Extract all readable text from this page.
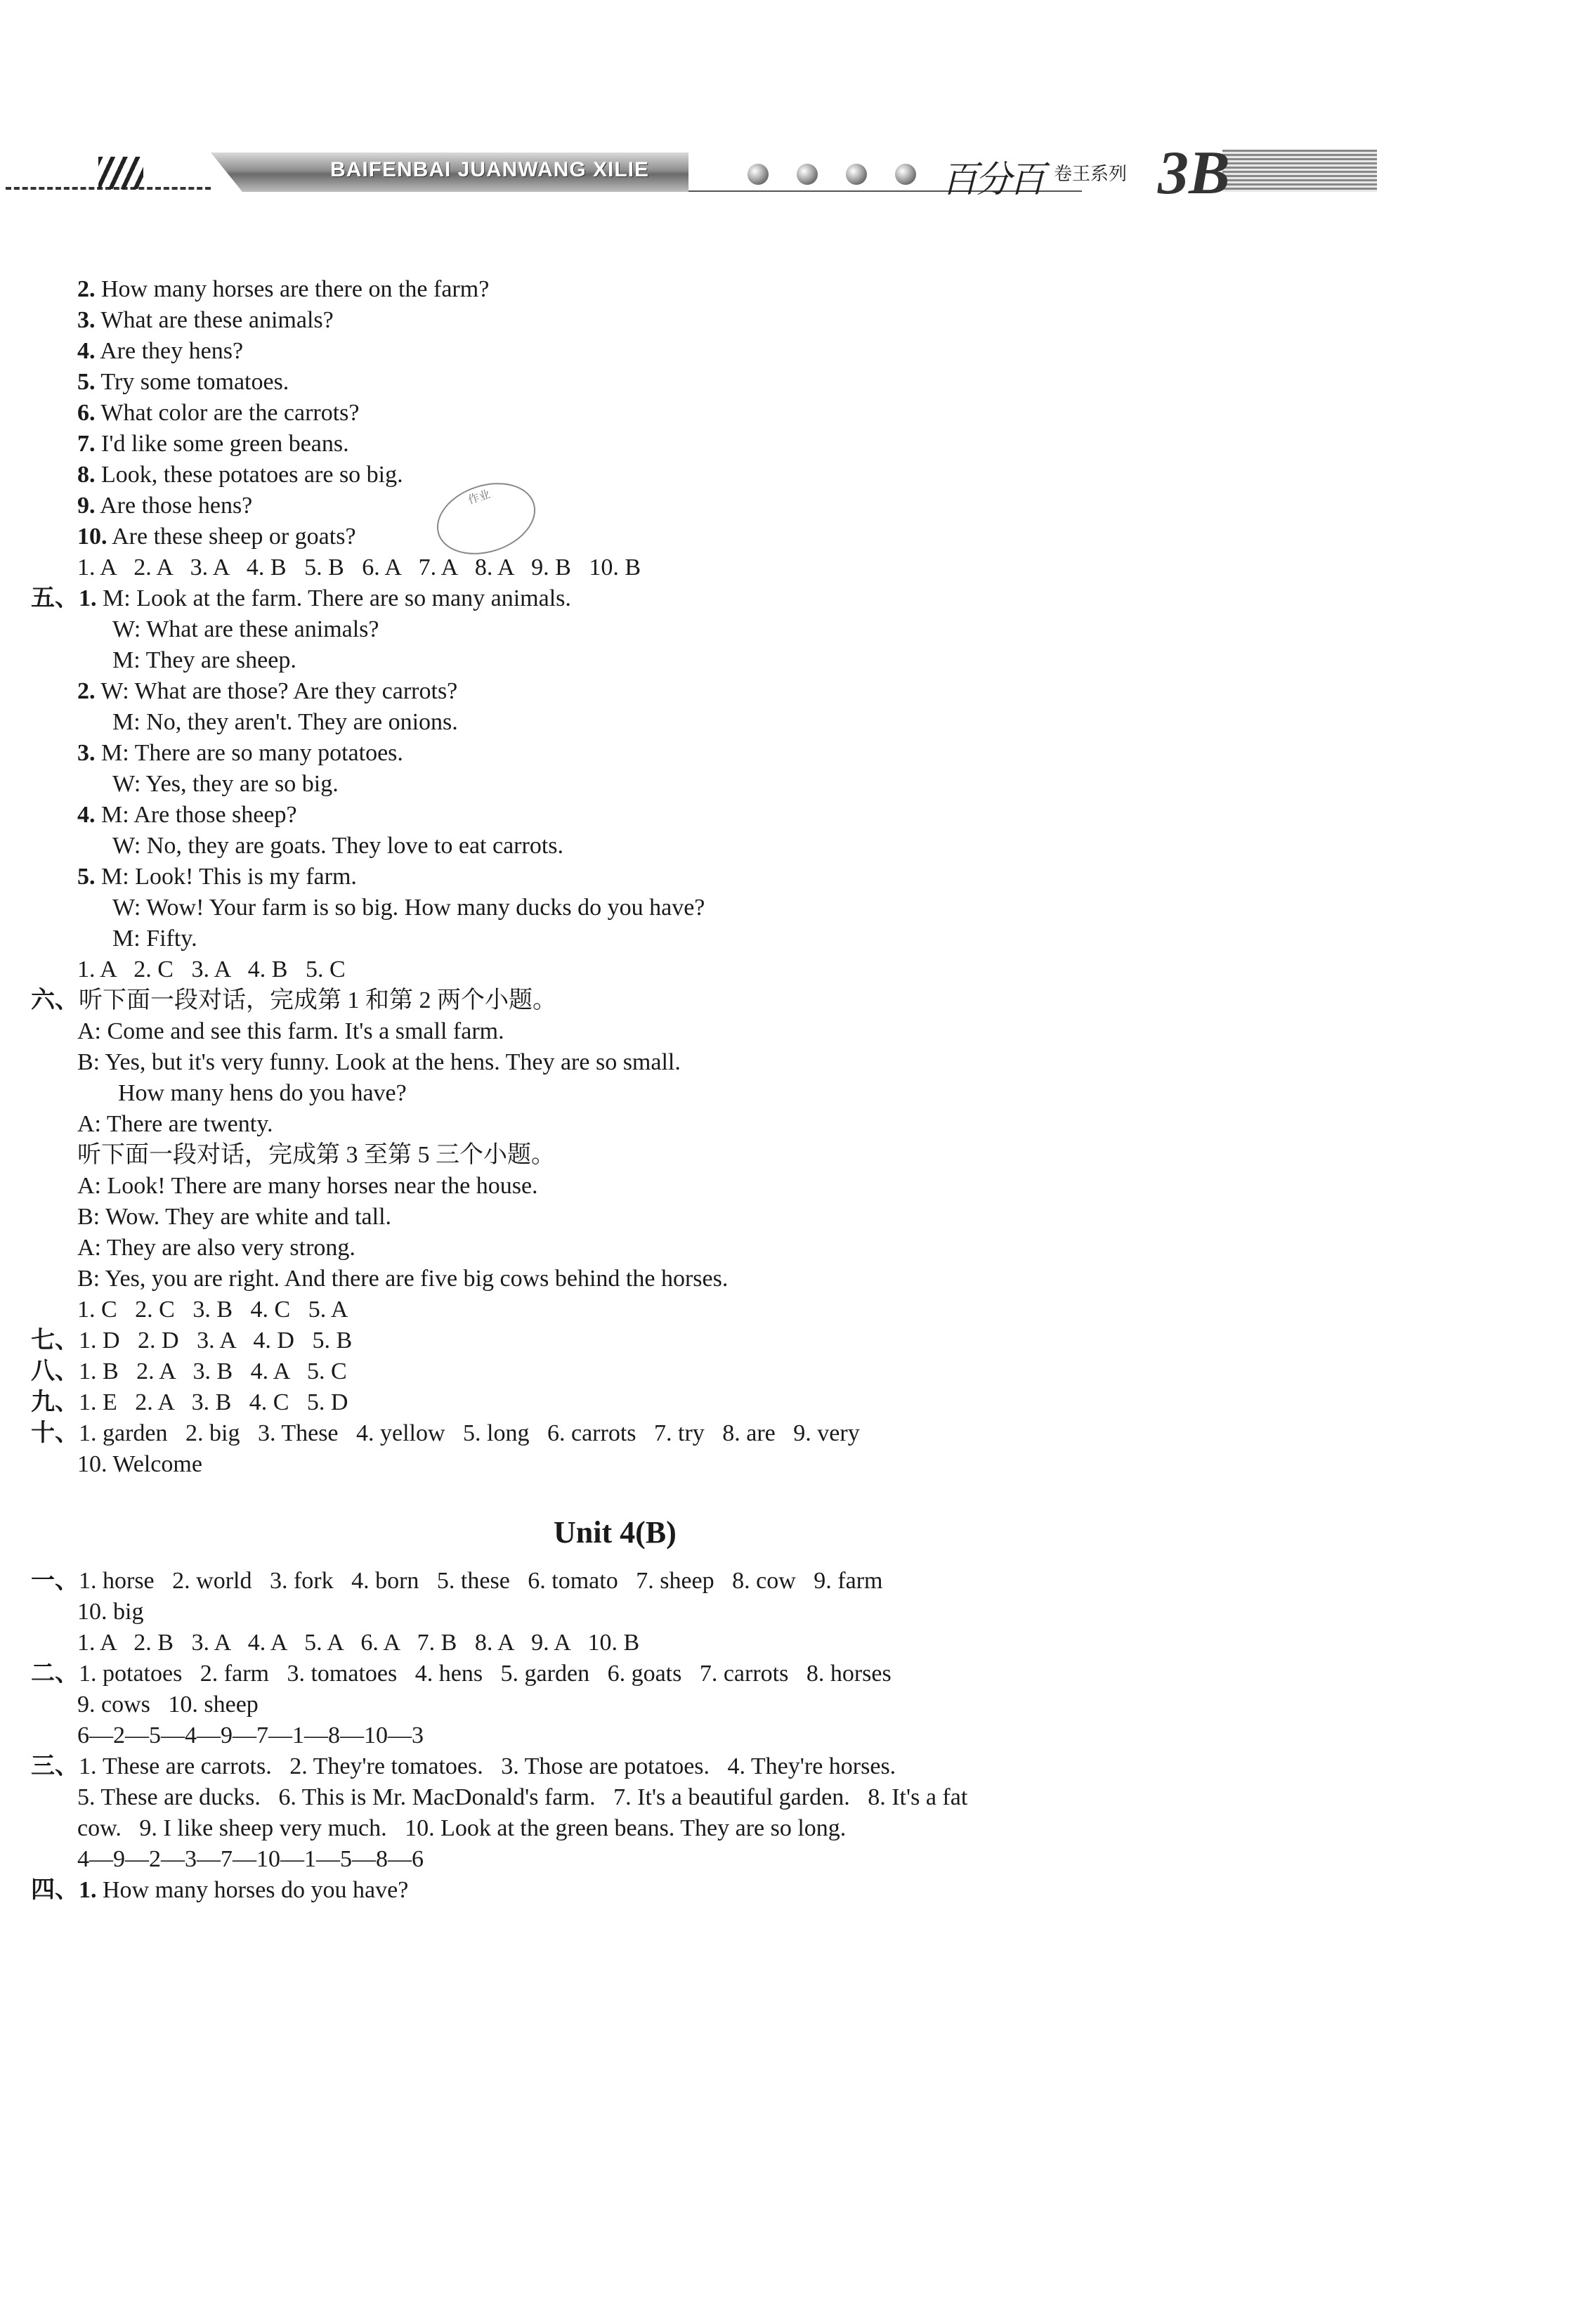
BAIFENBAI JUANWANG XILIE	百分百 卷王系列 3B
作业
2. How many horses are there on the farm?
3. What are these animals?
4. Are they hens?
5. Try some tomatoes.
6. What color are the carrots?
7. I'd like some green beans.
8. Look, these potatoes are so big.
9. Are those hens?
10. Are these sheep or goats?
1. A   2. A   3. A   4. B   5. B   6. A   7. A   8. A   9. B   10. B
五、1. M: Look at the farm. There are so many animals.
W: What are these animals?
M: They are sheep.
2. W: What are those? Are they carrots?
M: No, they aren't. They are onions.
3. M: There are so many potatoes.
W: Yes, they are so big.
4. M: Are those sheep?
W: No, they are goats. They love to eat carrots.
5. M: Look! This is my farm.
W: Wow! Your farm is so big. How many ducks do you have?
M: Fifty.
1. A   2. C   3. A   4. B   5. C
六、听下面一段对话，完成第 1 和第 2 两个小题。
A: Come and see this farm. It's a small farm.
B: Yes, but it's very funny. Look at the hens. They are so small.
How many hens do you have?
A: There are twenty.
听下面一段对话，完成第 3 至第 5 三个小题。
A: Look! There are many horses near the house.
B: Wow. They are white and tall.
A: They are also very strong.
B: Yes, you are right. And there are five big cows behind the horses.
1. C   2. C   3. B   4. C   5. A
七、1. D   2. D   3. A   4. D   5. B
八、1. B   2. A   3. B   4. A   5. C
九、1. E   2. A   3. B   4. C   5. D
十、1. garden   2. big   3. These   4. yellow   5. long   6. carrots   7. try   8. are   9. very
10. Welcome
一、1. horse   2. world   3. fork   4. born   5. these   6. tomato   7. sheep   8. cow   9. farm
10. big
1. A   2. B   3. A   4. A   5. A   6. A   7. B   8. A   9. A   10. B
二、1. potatoes   2. farm   3. tomatoes   4. hens   5. garden   6. goats   7. carrots   8. horses
9. cows   10. sheep
6—2—5—4—9—7—1—8—10—3
三、1. These are carrots.   2. They're tomatoes.   3. Those are potatoes.   4. They're horses.
5. These are ducks.   6. This is Mr. MacDonald's farm.   7. It's a beautiful garden.   8. It's a fat
cow.   9. I like sheep very much.   10. Look at the green beans. They are so long.
4—9—2—3—7—10—1—5—8—6
四、1. How many horses do you have?
Unit 4(B)
